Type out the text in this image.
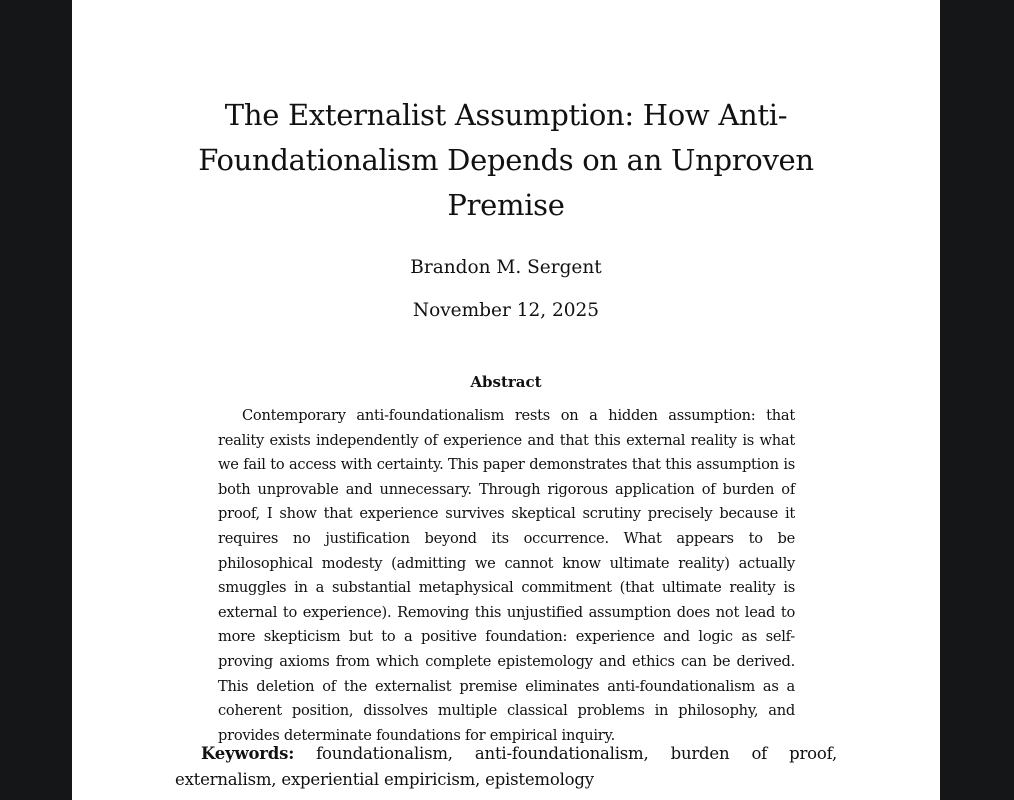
The Externalist Assumption: How Anti-Foundationalism Depends on an Unproven Premise
Brandon M. Sergent
November 12, 2025
Abstract

Contemporary anti-foundationalism rests on a hidden assumption: that reality exists independently of experience and that this external reality is what we fail to access with certainty. This paper demonstrates that this assumption is both unprovable and unnecessary. Through rigorous application of burden of proof, I show that experience survives skeptical scrutiny precisely because it requires no justification beyond its occurrence. What appears to be philosophical modesty (admitting we cannot know ultimate reality) actually smuggles in a substantial metaphysical commitment (that ultimate reality is external to experience). Removing this unjustified assumption does not lead to more skepticism but to a positive foundation: experience and logic as self-proving axioms from which complete epistemology and ethics can be derived. This deletion of the externalist premise eliminates anti-foundationalism as a coherent position, dissolves multiple classical problems in philosophy, and provides determinate foundations for empirical inquiry.

Keywords: foundationalism, anti-foundationalism, burden of proof, externalism, experiential empiricism, epistemology
